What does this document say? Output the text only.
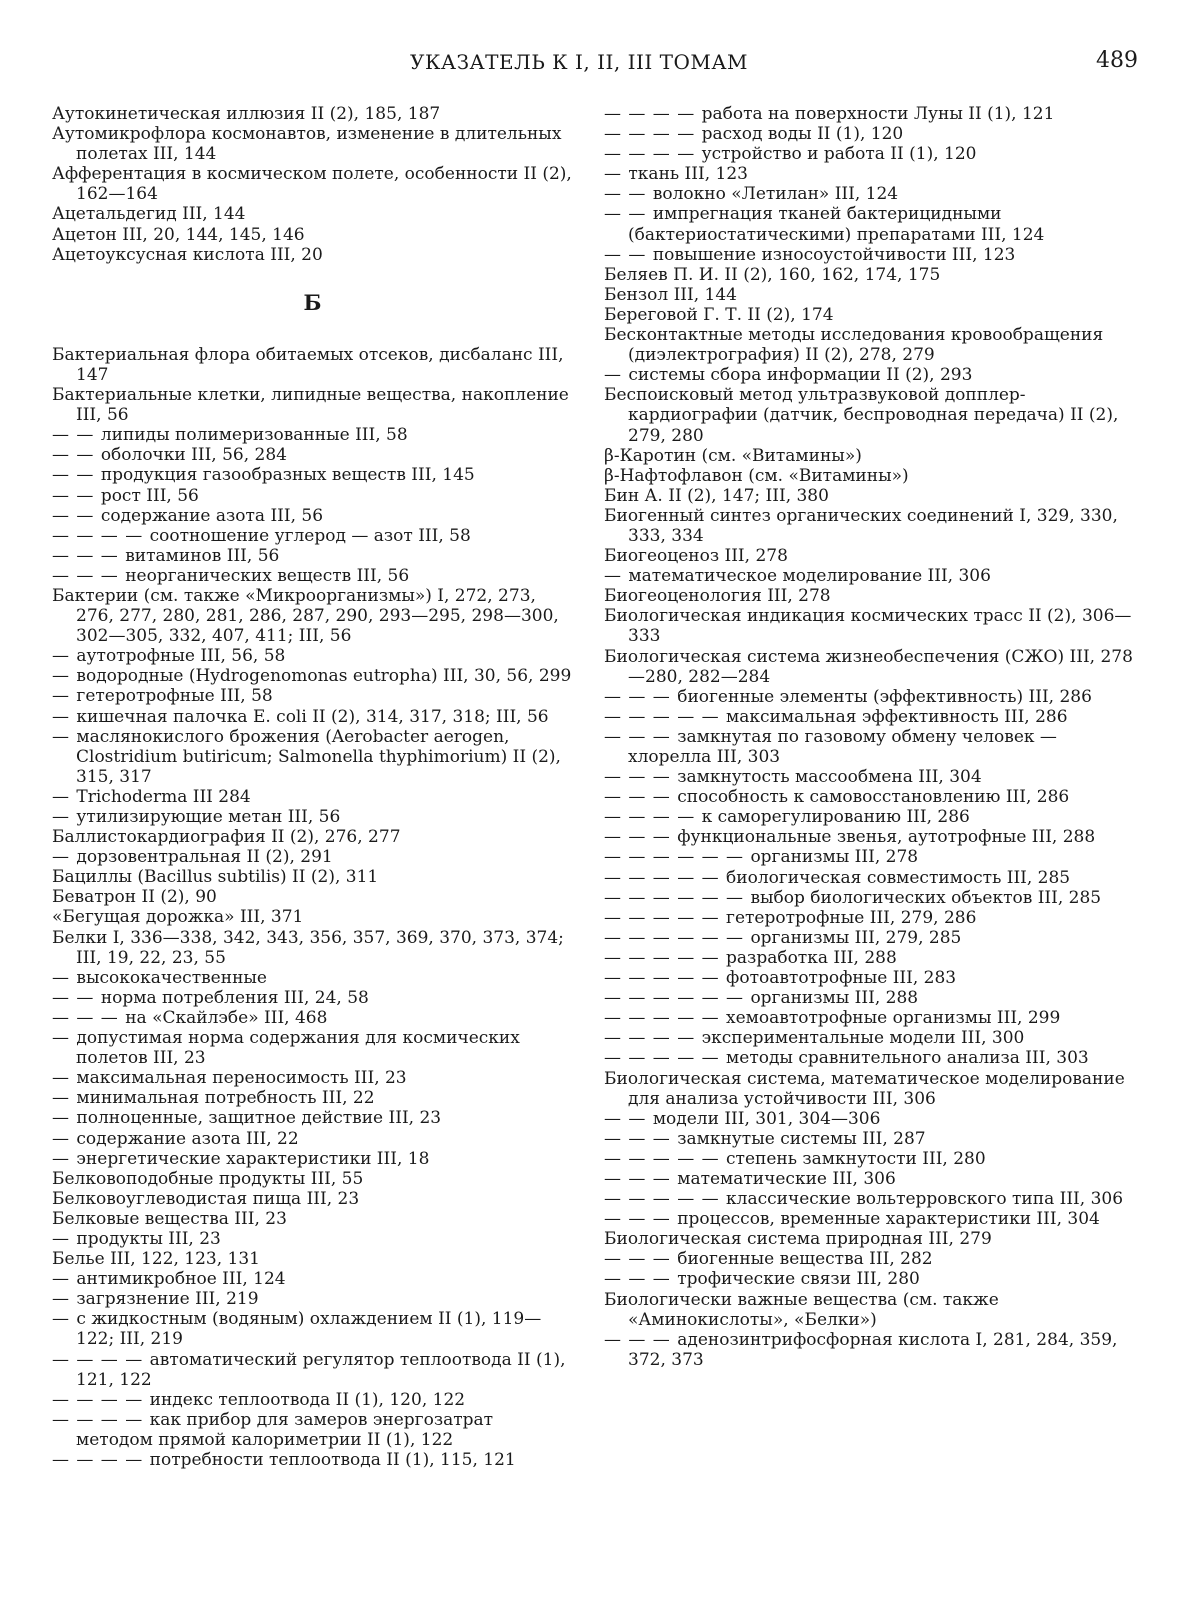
УКАЗАТЕЛЬ К I, II, III ТОМАМ	489
Аутокинетическая иллюзия II (2), 185, 187
Аутомикрофлора космонавтов, изменение в длительных полетах III, 144
Афферентация в космическом полете, особенности II (2), 162—164
Ацетальдегид III, 144
Ацетон III, 20, 144, 145, 146
Ацетоуксусная кислота III, 20
Б
Бактериальная флора обитаемых отсеков, дисбаланс III, 147
Бактериальные клетки, липидные вещества, накопление III, 56
— — липиды полимеризованные III, 58
— — оболочки III, 56, 284
— — продукция газообразных веществ III, 145
— — рост III, 56
— — содержание азота III, 56
— — — — соотношение углерод — азот III, 58
— — — витаминов III, 56
— — — неорганических веществ III, 56
Бактерии (см. также «Микроорганизмы») I, 272, 273, 276, 277, 280, 281, 286, 287, 290, 293—295, 298—300, 302—305, 332, 407, 411; III, 56
— аутотрофные III, 56, 58
— водородные (Hydrogenomonas eutropha) III, 30, 56, 299
— гетеротрофные III, 58
— кишечная палочка E. coli II (2), 314, 317, 318; III, 56
— маслянокислого брожения (Aerobacter aerogen, Clostridium butiricum; Salmonella thyphimorium) II (2), 315, 317
— Trichoderma III 284
— утилизирующие метан III, 56
Баллистокардиография II (2), 276, 277
— дорзовентральная II (2), 291
Бациллы (Bacillus subtilis) II (2), 311
Беватрон II (2), 90
«Бегущая дорожка» III, 371
Белки I, 336—338, 342, 343, 356, 357, 369, 370, 373, 374; III, 19, 22, 23, 55
— высококачественные
— — норма потребления III, 24, 58
— — — на «Скайлэбе» III, 468
— допустимая норма содержания для космических полетов III, 23
— максимальная переносимость III, 23
— минимальная потребность III, 22
— полноценные, защитное действие III, 23
— содержание азота III, 22
— энергетические характеристики III, 18
Белковоподобные продукты III, 55
Белковоуглеводистая пища III, 23
Белковые вещества III, 23
— продукты III, 23
Белье III, 122, 123, 131
— антимикробное III, 124
— загрязнение III, 219
— с жидкостным (водяным) охлаждением II (1), 119—122; III, 219
— — — — автоматический регулятор теплоотвода II (1), 121, 122
— — — — индекс теплоотвода II (1), 120, 122
— — — — как прибор для замеров энергозатрат методом прямой калориметрии II (1), 122
— — — — потребности теплоотвода II (1), 115, 121
— — — — работа на поверхности Луны II (1), 121
— — — — расход воды II (1), 120
— — — — устройство и работа II (1), 120
— ткань III, 123
— — волокно «Летилан» III, 124
— — импрегнация тканей бактерицидными (бактериостатическими) препаратами III, 124
— — повышение износоустойчивости III, 123
Беляев П. И. II (2), 160, 162, 174, 175
Бензол III, 144
Береговой Г. Т. II (2), 174
Бесконтактные методы исследования кровообращения (диэлектрография) II (2), 278, 279
— системы сбора информации II (2), 293
Беспоисковый метод ультразвуковой допплер-кардиографии (датчик, беспроводная передача) II (2), 279, 280
β-Каротин (см. «Витамины»)
β-Нафтофлавон (см. «Витамины»)
Бин А. II (2), 147; III, 380
Биогенный синтез органических соединений I, 329, 330, 333, 334
Биогеоценоз III, 278
— математическое моделирование III, 306
Биогеоценология III, 278
Биологическая индикация космических трасс II (2), 306—333
Биологическая система жизнеобеспечения (СЖО) III, 278—280, 282—284
— — — биогенные элементы (эффективность) III, 286
— — — — — максимальная эффективность III, 286
— — — замкнутая по газовому обмену человек — хлорелла III, 303
— — — замкнутость массообмена III, 304
— — — способность к самовосстановлению III, 286
— — — — к саморегулированию III, 286
— — — функциональные звенья, аутотрофные III, 288
— — — — — — организмы III, 278
— — — — — биологическая совместимость III, 285
— — — — — — выбор биологических объектов III, 285
— — — — — гетеротрофные III, 279, 286
— — — — — — организмы III, 279, 285
— — — — — разработка III, 288
— — — — — фотоавтотрофные III, 283
— — — — — — организмы III, 288
— — — — — хемоавтотрофные организмы III, 299
— — — — экспериментальные модели III, 300
— — — — — методы сравнительного анализа III, 303
Биологическая система, математическое моделирование для анализа устойчивости III, 306
— — модели III, 301, 304—306
— — — замкнутые системы III, 287
— — — — — степень замкнутости III, 280
— — — математические III, 306
— — — — — классические вольтерровского типа III, 306
— — — процессов, временные характеристики III, 304
Биологическая система природная III, 279
— — — биогенные вещества III, 282
— — — трофические связи III, 280
Биологически важные вещества (см. также «Аминокислоты», «Белки»)
— — — аденозинтрифосфорная кислота I, 281, 284, 359, 372, 373
